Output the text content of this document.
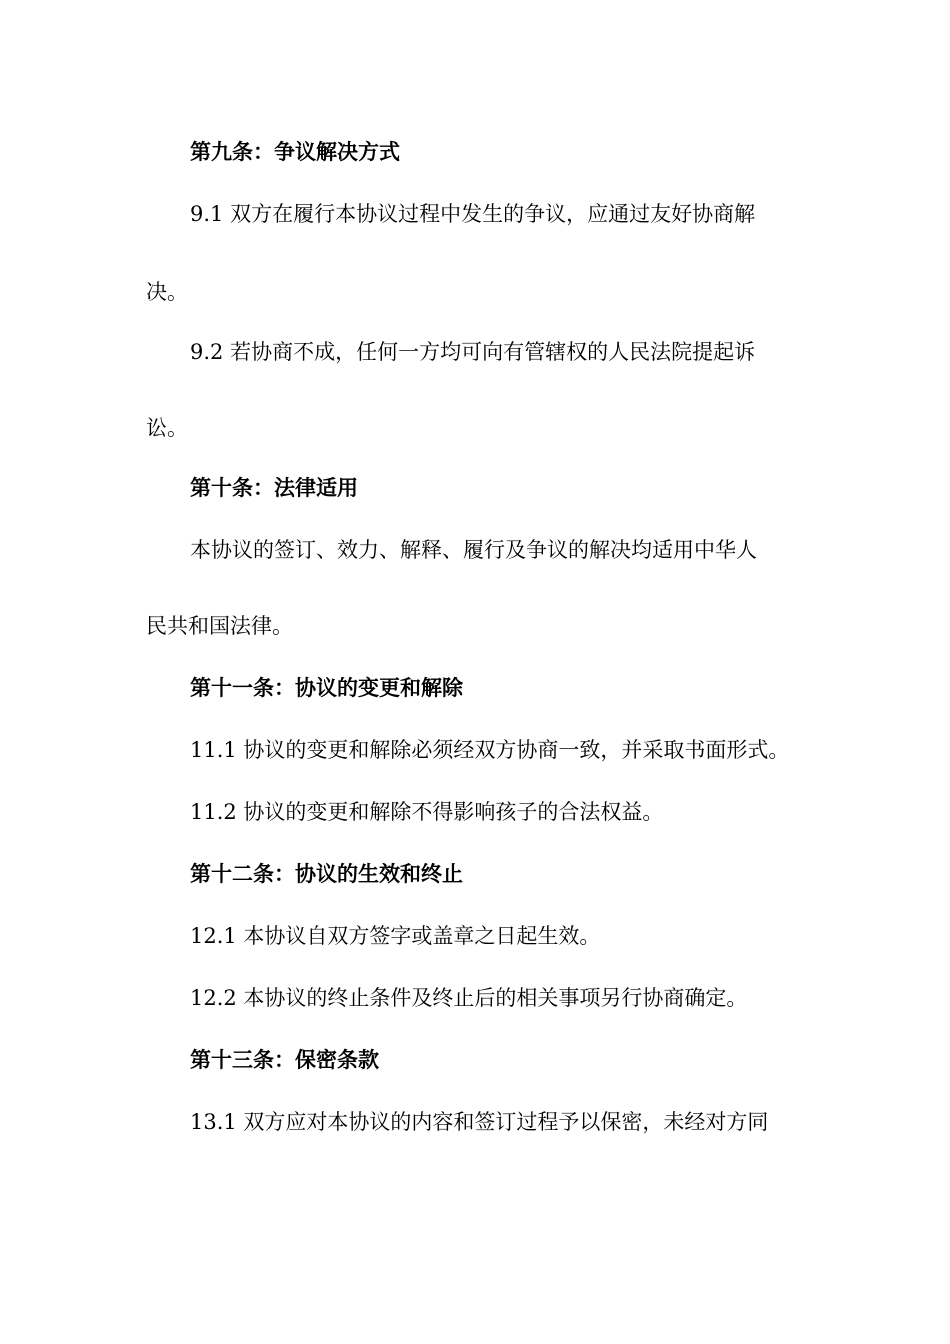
第九条：争议解决方式
9.1 双方在履行本协议过程中发生的争议，应通过友好协商解
决。
9.2 若协商不成，任何一方均可向有管辖权的人民法院提起诉
讼。
第十条：法律适用
本协议的签订、效力、解释、履行及争议的解决均适用中华人
民共和国法律。
第十一条：协议的变更和解除
11.1 协议的变更和解除必须经双方协商一致，并采取书面形式。
11.2 协议的变更和解除不得影响孩子的合法权益。
第十二条：协议的生效和终止
12.1 本协议自双方签字或盖章之日起生效。
12.2 本协议的终止条件及终止后的相关事项另行协商确定。
第十三条：保密条款
13.1 双方应对本协议的内容和签订过程予以保密，未经对方同
